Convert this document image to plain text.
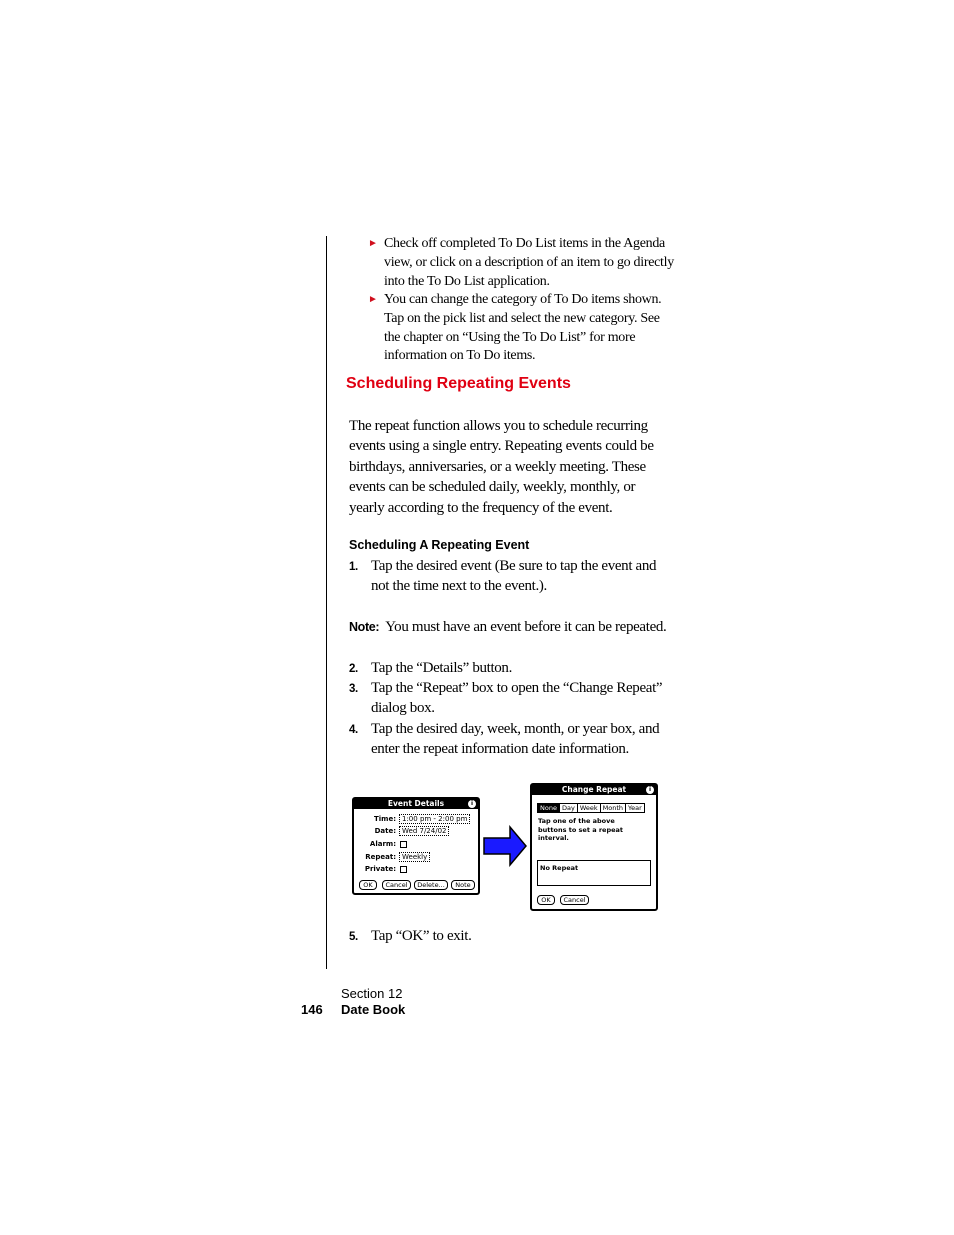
► Check off completed To Do List items in the Agenda view, or click on a description of an item to go directly into the To Do List application.
► You can change the category of To Do items shown. Tap on the pick list and select the new category. See the chapter on “Using the To Do List” for more information on To Do items.
Scheduling Repeating Events
The repeat function allows you to schedule recurring events using a single entry. Repeating events could be birthdays, anniversaries, or a weekly meeting. These events can be scheduled daily, weekly, monthly, or yearly according to the frequency of the event.
Scheduling A Repeating Event
1. Tap the desired event (Be sure to tap the event and not the time next to the event.).
Note: You must have an event before it can be repeated.
2. Tap the “Details” button.
3. Tap the “Repeat” box to open the “Change Repeat” dialog box.
4. Tap the desired day, week, month, or year box, and enter the repeat information date information.
Event Details	i
Time: 1:00 pm - 2:00 pm
Date: Wed 7/24/02
Alarm:
Repeat: Weekly
Private:
OK	Cancel	Delete...	Note
Change Repeat	i
None Day Week Month Year
Tap one of the above buttons to set a repeat interval.
No Repeat
OK	Cancel
5. Tap “OK” to exit.
Section 12
146 Date Book
